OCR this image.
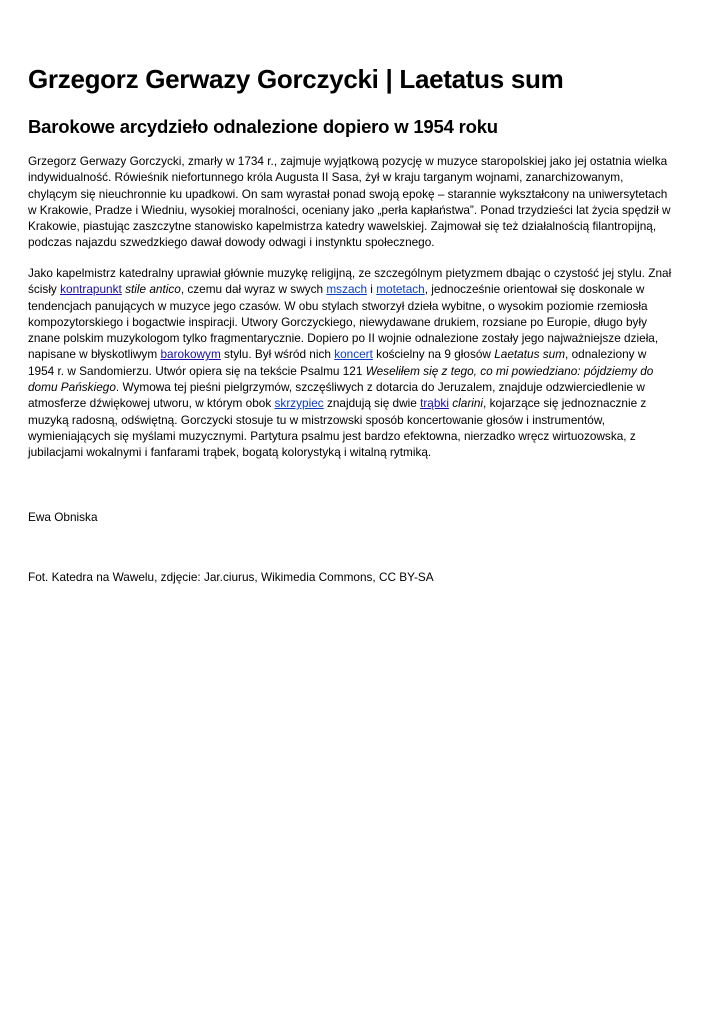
Grzegorz Gerwazy Gorczycki | Laetatus sum
Barokowe arcydzieło odnalezione dopiero w 1954 roku
Grzegorz Gerwazy Gorczycki, zmarły w 1734 r., zajmuje wyjątkową pozycję w muzyce staropolskiej jako jej ostatnia wielka
indywidualność. Rówieśnik niefortunnego króla Augusta II Sasa, żył w kraju targanym wojnami, zanarchizowanym,
chylącym się nieuchronnie ku upadkowi. On sam wyrastał ponad swoją epokę – starannie wykształcony na uniwersytetach
w Krakowie, Pradze i Wiedniu, wysokiej moralności, oceniany jako „perła kapłaństwa”. Ponad trzydzieści lat życia spędził w
Krakowie, piastując zaszczytne stanowisko kapelmistrza katedry wawelskiej. Zajmował się też działalnością filantropijną,
podczas najazdu szwedzkiego dawał dowody odwagi i instynktu społecznego.
Jako kapelmistrz katedralny uprawiał głównie muzykę religijną, ze szczególnym pietyzmem dbając o czystość jej stylu. Znał
ścisły kontrapunkt stile antico, czemu dał wyraz w swych mszach i motetach, jednocześnie orientował się doskonale w
tendencjach panujących w muzyce jego czasów. W obu stylach stworzył dzieła wybitne, o wysokim poziomie rzemiosła
kompozytorskiego i bogactwie inspiracji. Utwory Gorczyckiego, niewydawane drukiem, rozsiane po Europie, długo były
znane polskim muzykologom tylko fragmentarycznie. Dopiero po II wojnie odnalezione zostały jego najważniejsze dzieła,
napisane w błyskotliwym barokowym stylu. Był wśród nich koncert kościelny na 9 głosów Laetatus sum, odnaleziony w
1954 r. w Sandomierzu. Utwór opiera się na tekście Psalmu 121 Weseliłem się z tego, co mi powiedziano: pójdziemy do
domu Pańskiego. Wymowa tej pieśni pielgrzymów, szczęśliwych z dotarcia do Jeruzalem, znajduje odzwierciedlenie w
atmosferze dźwiękowej utworu, w którym obok skrzypiec znajdują się dwie trąbki clarini, kojarzące się jednoznacznie z
muzyką radosną, odświętną. Gorczycki stosuje tu w mistrzowski sposób koncertowanie głosów i instrumentów,
wymieniających się myślami muzycznymi. Partytura psalmu jest bardzo efektowna, nierzadko wręcz wirtuozowska, z
jubilacjami wokalnymi i fanfarami trąbek, bogatą kolorystyką i witalną rytmiką.
Ewa Obniska
Fot. Katedra na Wawelu, zdjęcie: Jar.ciurus, Wikimedia Commons, CC BY-SA
